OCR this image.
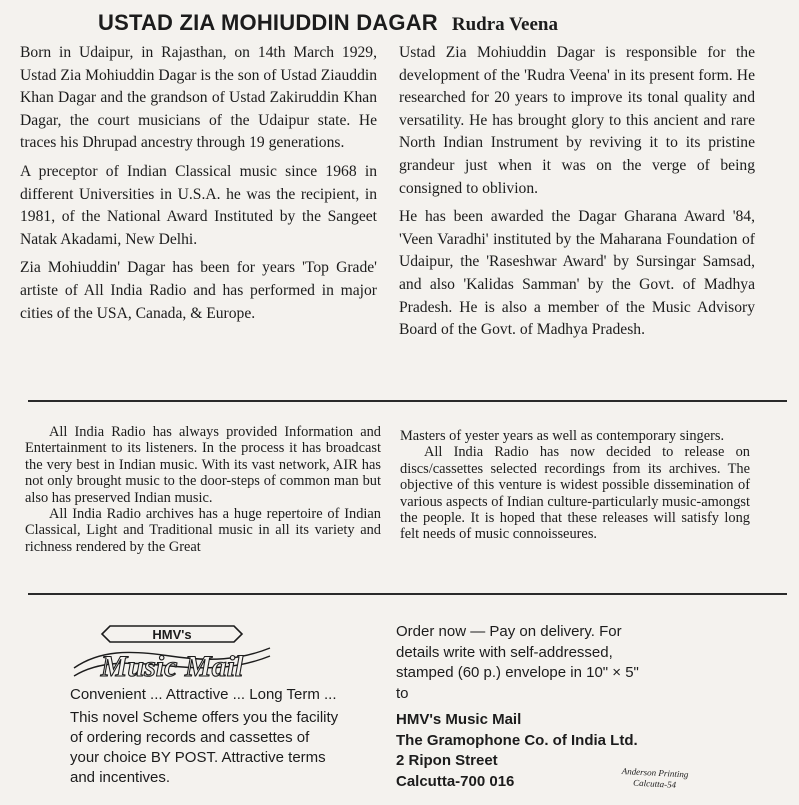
USTAD ZIA MOHIUDDIN DAGAR Rudra Veena

Born in Udaipur, in Rajasthan, on 14th March 1929, Ustad Zia Mohiuddin Dagar is the son of Ustad Ziauddin Khan Dagar and the grandson of Ustad Zakiruddin Khan Dagar, the court musicians of the Udaipur state. He traces his Dhrupad ancestry through 19 generations.

A preceptor of Indian Classical music since 1968 in different Universities in U.S.A. he was the recipient, in 1981, of the National Award Instituted by the Sangeet Natak Akadami, New Delhi.

Zia Mohiuddin' Dagar has been for years 'Top Grade' artiste of All India Radio and has performed in major cities of the USA, Canada, & Europe.

Ustad Zia Mohiuddin Dagar is responsible for the development of the 'Rudra Veena' in its present form. He researched for 20 years to improve its tonal quality and versatility. He has brought glory to this ancient and rare North Indian Instrument by reviving it to its pristine grandeur just when it was on the verge of being consigned to oblivion.

He has been awarded the Dagar Gharana Award '84, 'Veen Varadhi' instituted by the Maharana Foundation of Udaipur, the 'Raseshwar Award' by Sursingar Samsad, and also 'Kalidas Samman' by the Govt. of Madhya Pradesh. He is also a member of the Music Advisory Board of the Govt. of Madhya Pradesh.

All India Radio has always provided Information and Entertainment to its listeners. In the process it has broadcast the very best in Indian music. With its vast network, AIR has not only brought music to the door-steps of common man but also has preserved Indian music.

All India Radio archives has a huge repertoire of Indian Classical, Light and Traditional music in all its variety and richness rendered by the Great

Masters of yester years as well as contemporary singers.

All India Radio has now decided to release on discs/cassettes selected recordings from its archives. The objective of this venture is widest possible dissemination of various aspects of Indian culture-particularly music-amongst the people. It is hoped that these releases will satisfy long felt needs of music connoisseures.

HMV's
Music Mail
Convenient ... Attractive ... Long Term ...
This novel Scheme offers you the facility of ordering records and cassettes of your choice BY POST. Attractive terms and incentives.
Order now — Pay on delivery. For
details write with self-addressed,
stamped (60 p.) envelope in 10" × 5"
to
HMV's Music Mail
The Gramophone Co. of India Ltd.
2 Ripon Street
Calcutta-700 016	Anderson Printing
Calcutta-54
